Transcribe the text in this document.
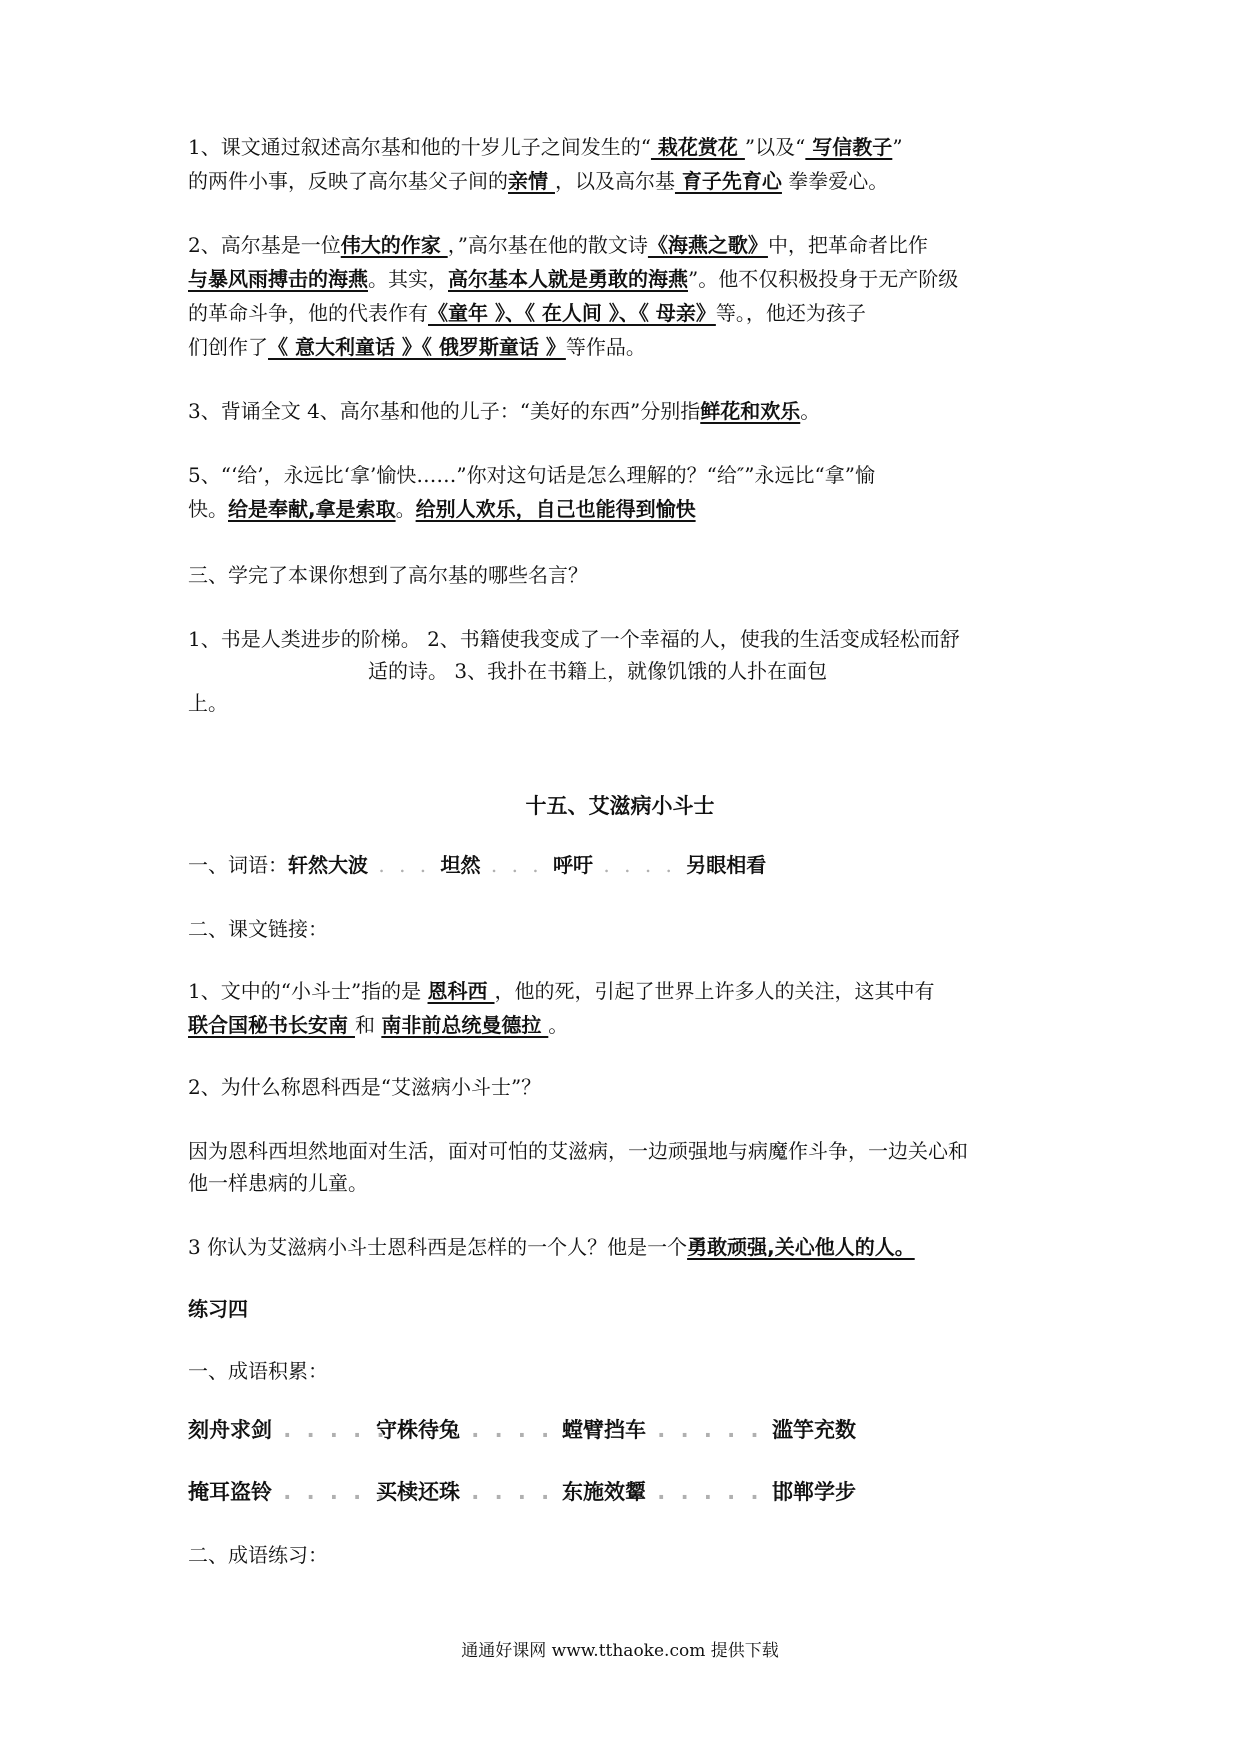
1、课文通过叙述高尔基和他的十岁儿子之间发生的“ 栽花赏花 ”以及“ 写信教子”
的两件小事，反映了高尔基父子间的亲情 ，以及高尔基 育子先育心 拳拳爱心。
2、高尔基是一位伟大的作家 ，”高尔基在他的散文诗《海燕之歌》中，把革命者比作
与暴风雨搏击的海燕。其实，高尔基本人就是勇敢的海燕”。他不仅积极投身于无产阶级
的革命斗争，他的代表作有《童年 》、《 在人间 》、《 母亲》等。，他还为孩子
们创作了《 意大利童话 》《 俄罗斯童话 》等作品。
3、背诵全文 4、高尔基和他的儿子：“美好的东西”分别指鲜花和欢乐。
5、“‘给’，永远比‘拿’愉快……”你对这句话是怎么理解的？“给″”永远比“拿”愉
快。给是奉献,拿是索取。给别人欢乐，自己也能得到愉快
三、学完了本课你想到了高尔基的哪些名言？
1、书是人类进步的阶梯。 2、书籍使我变成了一个幸福的人，使我的生活变成轻松而舒
适的诗。 3、我扑在书籍上，就像饥饿的人扑在面包
上。
十五、艾滋病小斗士
一、词语：轩然大波 . . . 坦然 . . . 呼吁 . . . . 另眼相看
二、课文链接：
1、文中的“小斗士”指的是 恩科西 ，他的死，引起了世界上许多人的关注，这其中有
联合国秘书长安南 和 南非前总统曼德拉 。
2、为什么称恩科西是“艾滋病小斗士”？
因为恩科西坦然地面对生活，面对可怕的艾滋病，一边顽强地与病魔作斗争，一边关心和
他一样患病的儿童。
3 你认为艾滋病小斗士恩科西是怎样的一个人？他是一个勇敢顽强,关心他人的人。
练习四
一、成语积累：
刻舟求剑 . . . . .
守株待兔 . . . . .
螳臂挡车 . . . . . .
滥竽充数
掩耳盗铃 . . . . .
买椟还珠 . . . . .
东施效颦 . . . . . .
邯郸学步
二、成语练习：
通通好课网 www.tthaoke.com 提供下载
